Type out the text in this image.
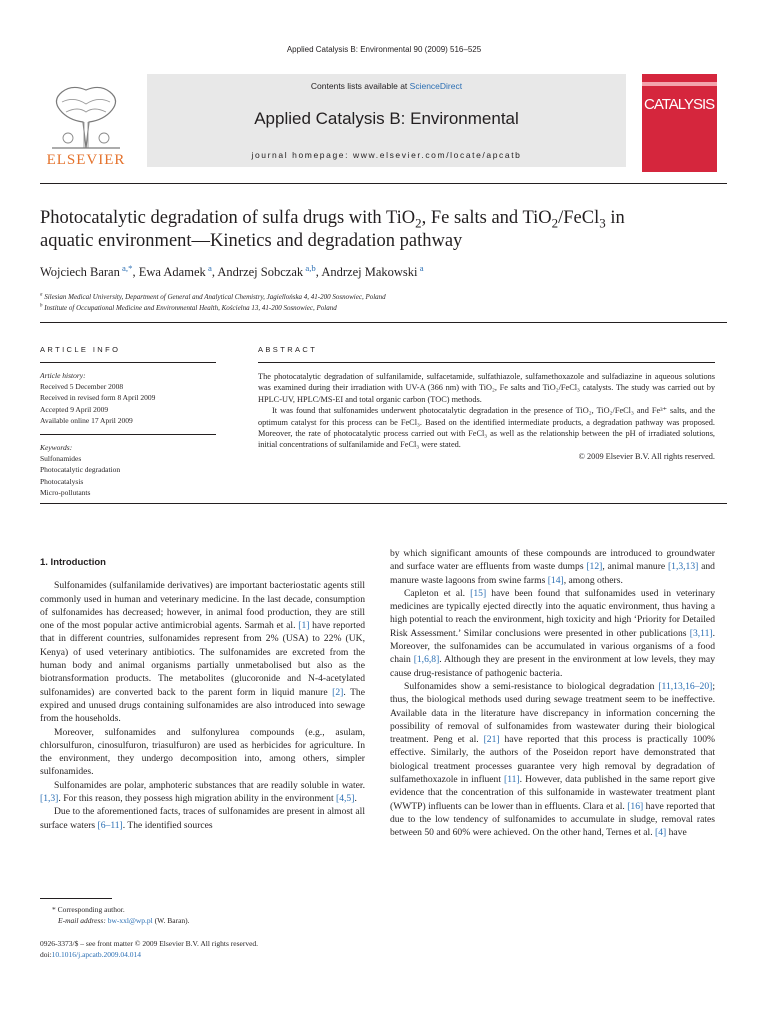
Applied Catalysis B: Environmental 90 (2009) 516–525
ELSEVIER
Contents lists available at ScienceDirect
Applied Catalysis B: Environmental
journal homepage: www.elsevier.com/locate/apcatb
CATALYSIS
Photocatalytic degradation of sulfa drugs with TiO$_2$, Fe salts and TiO$_2$/FeCl$_3$ in
aquatic environment—Kinetics and degradation pathway
Wojciech Baran $^{a,*}$, Ewa Adamek $^a$, Andrzej Sobczak $^{a,b}$, Andrzej Makowski $^a$
$^a$ Silesian Medical University, Department of General and Analytical Chemistry, Jagiellońska 4, 41-200 Sosnowiec, Poland
$^b$ Institute of Occupational Medicine and Environmental Health, Kościelna 13, 41-200 Sosnowiec, Poland
ARTICLE INFO
Article history:
Received 5 December 2008
Received in revised form 8 April 2009
Accepted 9 April 2009
Available online 17 April 2009
Keywords:
Sulfonamides
Photocatalytic degradation
Photocatalysis
Micro-pollutants
ABSTRACT
The photocatalytic degradation of sulfanilamide, sulfacetamide, sulfathiazole, sulfamethoxazole and sulfadiazine in aqueous solutions was examined during their irradiation with UV-A (366 nm) with TiO₂, Fe salts and TiO₂/FeCl₃ catalysts. The study was carried out by HPLC-UV, HPLC/MS-EI and total organic carbon (TOC) methods.
It was found that sulfonamides underwent photocatalytic degradation in the presence of TiO₂, TiO₂/FeCl₃ and Fe³⁺ salts, and the optimum catalyst for this process can be FeCl₃. Based on the identified intermediate products, a degradation pathway was proposed. Moreover, the rate of photocatalytic process carried out with FeCl₃ as well as the relationship between the pH of irradiated solutions, initial concentrations of sulfanilamide and FeCl₃ were stated.
© 2009 Elsevier B.V. All rights reserved.
1. Introduction

Sulfonamides (sulfanilamide derivatives) are important bacteriostatic agents still commonly used in human and veterinary medicine. In the last decade, consumption of sulfonamides has decreased; however, in animal food production, they are still one of the most popular active antimicrobial agents. Sarmah et al. [1] have reported that in different countries, sulfonamides represent from 2% (USA) to 22% (UK, Kenya) of used veterinary antibiotics. The sulfonamides are excreted from the human body and animal organisms partially unmetabolised but also as the biotransformation products. The metabolites (glucoronide and N-4-acetylated sulfonamides) are converted back to the parent form in liquid manure [2]. The expired and unused drugs containing sulfonamides are also introduced into sewage from the households.

Moreover, sulfonamides and sulfonylurea compounds (e.g., asulam, chlorsulfuron, cinosulfuron, triasulfuron) are used as herbicides for agriculture. In the environment, they undergo decomposition into, among others, simpler sulfonamides.

Sulfonamides are polar, amphoteric substances that are readily soluble in water. [1,3]. For this reason, they possess high migration ability in the environment [4,5].

Due to the aforementioned facts, traces of sulfonamides are present in almost all surface waters [6–11]. The identified sources

by which significant amounts of these compounds are introduced to groundwater and surface water are effluents from waste dumps [12], animal manure [1,3,13] and manure waste lagoons from swine farms [14], among others.

Capleton et al. [15] have been found that sulfonamides used in veterinary medicines are typically ejected directly into the aquatic environment, thus having a high potential to reach the environment, high toxicity and high ‘Priority for Detailed Risk Assessment.’ Similar conclusions were presented in other publications [3,11]. Moreover, the sulfonamides can be accumulated in various organisms of a food chain [1,6,8]. Although they are present in the environment at low levels, they may cause drug-resistance of pathogenic bacteria.

Sulfonamides show a semi-resistance to biological degradation [11,13,16–20]; thus, the biological methods used during sewage treatment seem to be ineffective. Available data in the literature have discrepancy in information concerning the possibility of removal of sulfonamides from wastewater during their biological treatment. Peng et al. [21] have reported that this process is practically 100% effective. Similarly, the authors of the Poseidon report have demonstrated that biological treatment processes guarantee very high removal by degradation of sulfamethoxazole in influent [11]. However, data published in the same report give evidence that the concentration of this sulfonamide in wastewater treatment plant (WWTP) influents can be lower than in effluents. Clara et al. [16] have reported that due to the low tendency of sulfonamides to accumulate in sludge, removal rates between 50 and 60% were achieved. On the other hand, Ternes et al. [4] have

* Corresponding author.
E-mail address: bw-xxl@wp.pl (W. Baran).
0926-3373/$ – see front matter © 2009 Elsevier B.V. All rights reserved.
doi:10.1016/j.apcatb.2009.04.014
